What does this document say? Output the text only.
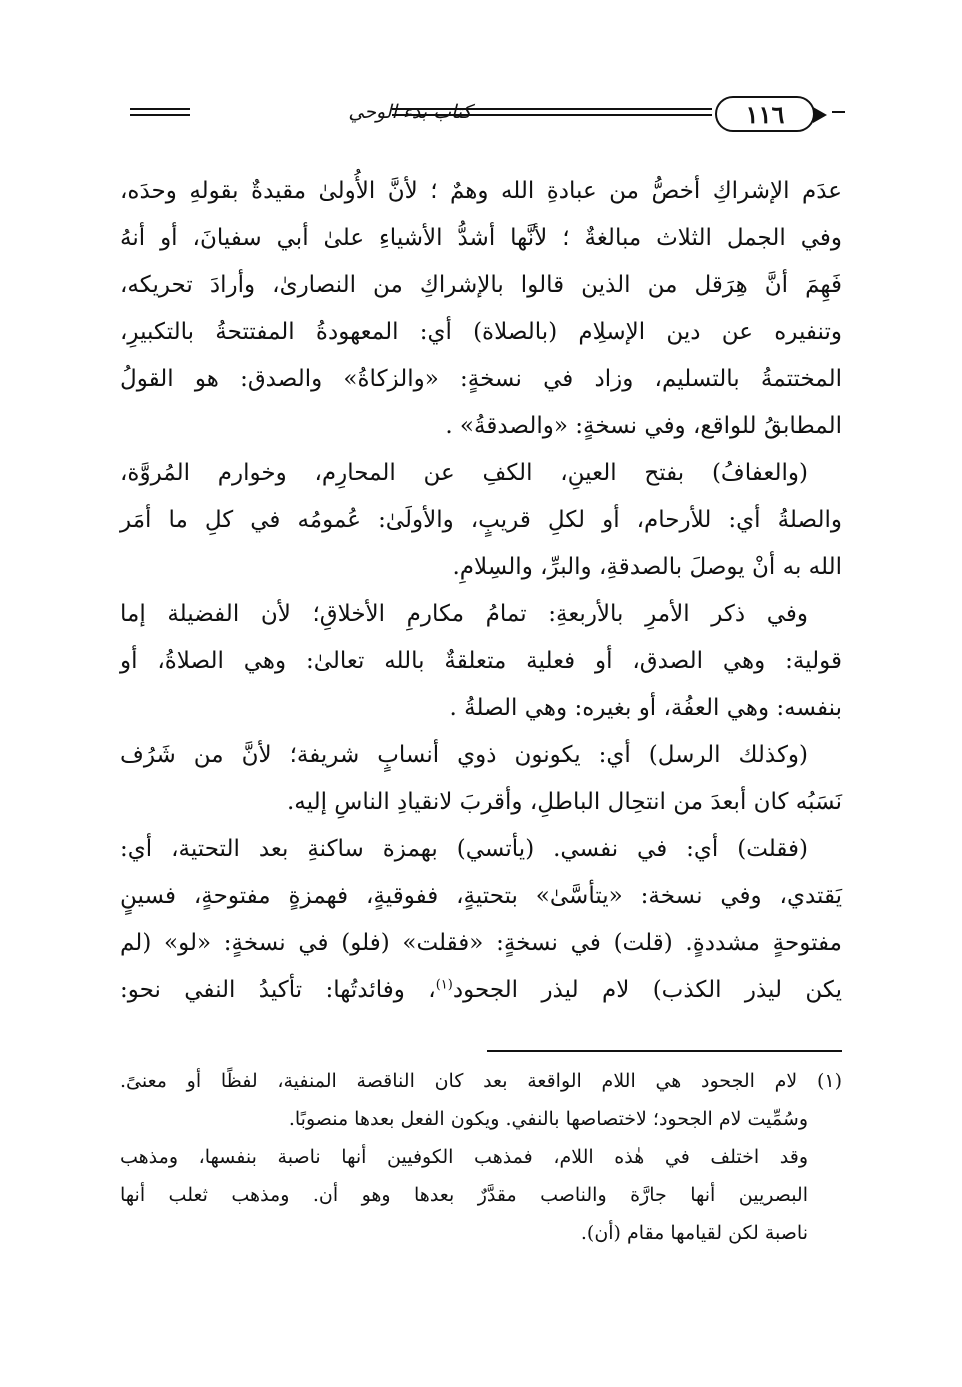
كتاب بدء الوحي	١١٦
عدَم الإشراكِ أخصُّ من عبادةِ الله وهمٌ ؛ لأنَّ الأُولىٰ مقيدةٌ بقولهِ وحدَه،
وفي الجمل الثلاث مبالغةٌ ؛ لأنَّها أشدُّ الأشياءِ علىٰ أبي سفيانَ، أو أنهُ
فَهِمَ أنَّ هِرَقل من الذين قالوا بالإشراكِ من النصارىٰ، وأرادَ تحريكه،
وتنفيره عن دين الإسلِام (بالصلاة) أي: المعهودةُ المفتتحةُ بالتكبيرِ،
المختتمةُ بالتسليم، وزاد في نسخةٍ: «والزكاةُ» والصدق: هو القولُ
المطابقُ للواقع، وفي نسخةٍ: «والصدقةُ» .
(والعفافُ) بفتح العينِ، الكفِ عن المحارِم، وخوارم المُروَّة،
والصلةُ أي: للأرحام، أو لكلِ قريبٍ، والأولَىٰ: عُمومُه في كلِ ما أمَر
الله به أنْ يوصلَ بالصدقةِ، والبرِّ، والسِلامِ.
وفي ذكر الأمرِ بالأربعةِ: تمامُ مكارمِ الأخلاقِ؛ لأن الفضيلة إما
قولية: وهي الصدق، أو فعلية متعلقةٌ بالله تعالىٰ: وهي الصلاةُ، أو
بنفسه: وهي العفُة، أو بغيره: وهي الصلةُ .
(وكذلك الرسل) أي: يكونون ذوي أنسابٍ شريفة؛ لأنَّ من شَرُف
نَسَبُه كان أبعدَ من انتحِال الباطلِ، وأقربَ لانقيادِ الناسِ إليه.
(فقلت) أي: في نفسي. (يأتسي) بهمزة ساكنةِ بعد التحتية، أي:
يَقتدي، وفي نسخة: «يتأسَّىٰ» بتحتيةٍ، ففوقيةٍ، فهمزةٍ مفتوحةٍ، فسينٍ
مفتوحةٍ مشددةٍ. (قلت) في نسخةٍ: «فقلت» (فلو) في نسخةٍ: «لو» (لم
يكن ليذر الكذب) لام ليذر الجحود$^{(١)}$، وفائدتُها: تأكيدُ النفي نحو:
(١) لام الجحود هي اللام الواقعة بعد كان الناقصة المنفية، لفظًا أو معنىً.
وسُمِّيت لام الجحود؛ لاختصاصها بالنفي. ويكون الفعل بعدها منصوبًا.
وقد اختلف في هٰذه اللام، فمذهب الكوفيين أنها ناصبة بنفسها، ومذهب
البصريين أنها جارَّة والناصب مقدَّرٌ بعدها وهو أن. ومذهب ثعلب أنها
ناصبة لكن لقيامها مقام (أن).
